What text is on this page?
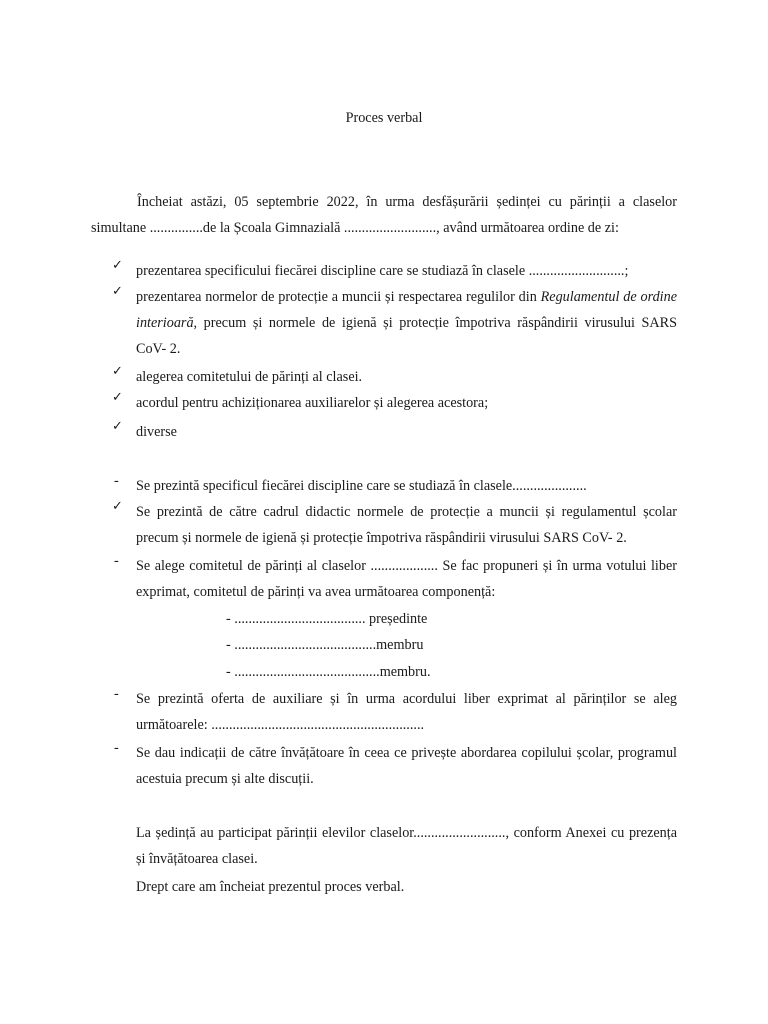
Proces verbal
Încheiat astăzi, 05 septembrie 2022, în urma desfășurării ședinței cu părinții a claselor simultane ...............de la Școala Gimnazială .........................., având următoarea ordine de zi:
✓ prezentarea specificului fiecărei discipline care se studiază în clasele ...........................;
✓ prezentarea normelor de protecție a muncii și respectarea regulilor din Regulamentul de ordine interioară, precum și normele de igienă și protecție împotriva răspândirii virusului SARS CoV- 2.
✓ alegerea comitetului de părinți al clasei.
✓ acordul pentru achiziționarea auxiliarelor și alegerea acestora;
✓ diverse
- Se prezintă specificul fiecărei discipline care se studiază în clasele.....................
✓ Se prezintă de către cadrul didactic normele de protecție a muncii și regulamentul școlar precum și normele de igienă și protecție împotriva răspândirii virusului SARS CoV- 2.
- Se alege comitetul de părinți al claselor ................... Se fac propuneri și în urma votului liber exprimat, comitetul de părinți va avea următoarea componență:
- ..................................... președinte
- ........................................membru
- .........................................membru.
- Se prezintă oferta de auxiliare și în urma acordului liber exprimat al părinților se aleg următoarele: ............................................................
- Se dau indicații de către învățătoare în ceea ce privește abordarea copilului școlar, programul acestuia precum și alte discuții.
La ședință au participat părinții elevilor claselor.........................., conform Anexei cu prezența și învățătoarea clasei.
Drept care am încheiat prezentul proces verbal.
